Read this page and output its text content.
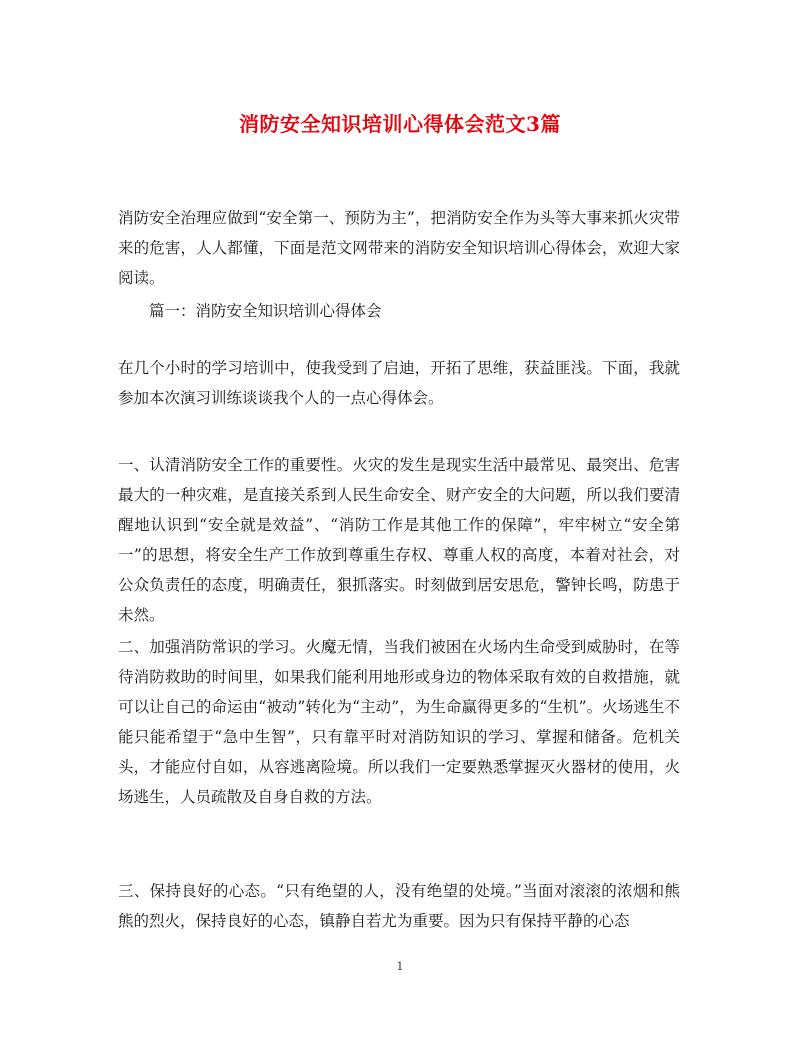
消防安全知识培训心得体会范文3篇

消防安全治理应做到“安全第一、预防为主”，把消防安全作为头等大事来抓火灾带来的危害，人人都懂，下面是范文网带来的消防安全知识培训心得体会，欢迎大家阅读。

篇一：消防安全知识培训心得体会

在几个小时的学习培训中，使我受到了启迪，开拓了思维，获益匪浅。下面，我就参加本次演习训练谈谈我个人的一点心得体会。

一、认清消防安全工作的重要性。火灾的发生是现实生活中最常见、最突出、危害最大的一种灾难，是直接关系到人民生命安全、财产安全的大问题，所以我们要清醒地认识到“安全就是效益”、“消防工作是其他工作的保障”，牢牢树立“安全第一”的思想，将安全生产工作放到尊重生存权、尊重人权的高度，本着对社会，对公众负责任的态度，明确责任，狠抓落实。时刻做到居安思危，警钟长鸣，防患于未然。

二、加强消防常识的学习。火魔无情，当我们被困在火场内生命受到威胁时，在等待消防救助的时间里，如果我们能利用地形或身边的物体采取有效的自救措施，就可以让自己的命运由“被动”转化为“主动”，为生命赢得更多的“生机”。火场逃生不能只能希望于“急中生智”，只有靠平时对消防知识的学习、掌握和储备。危机关头，才能应付自如，从容逃离险境。所以我们一定要熟悉掌握灭火器材的使用，火场逃生，人员疏散及自身自救的方法。

三、保持良好的心态。“只有绝望的人，没有绝望的处境。”当面对滚滚的浓烟和熊熊的烈火，保持良好的心态，镇静自若尤为重要。因为只有保持平静的心态

1
